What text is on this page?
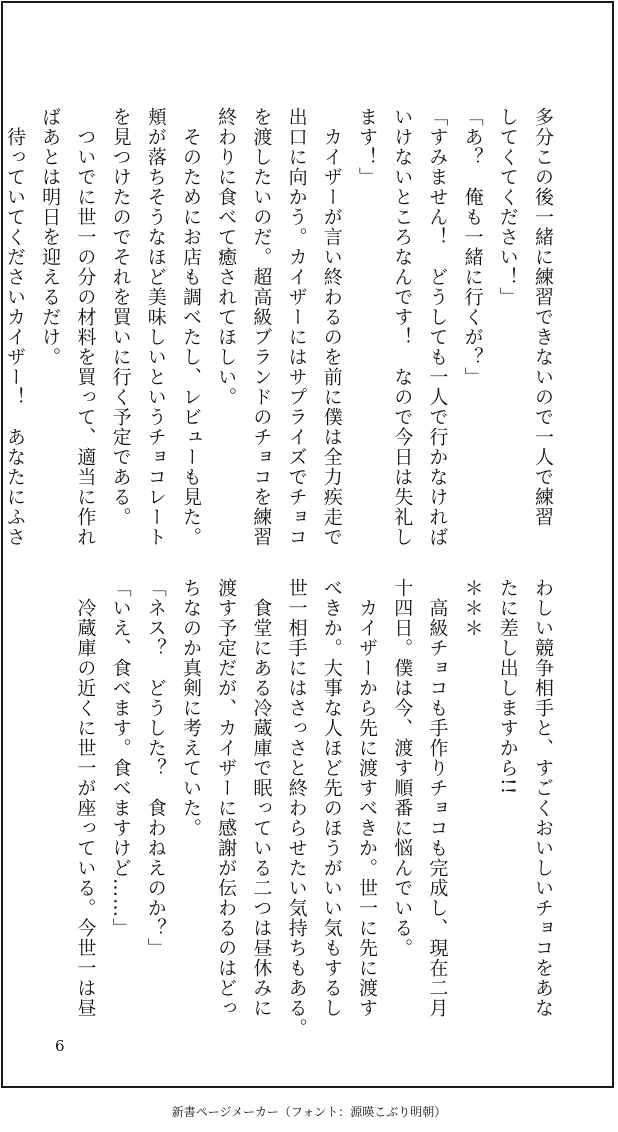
多分この後一緒に練習できないので一人で練習
してくてください！」
「あ？　俺も一緒に行くが？」
「すみません！　どうしても一人で行かなければ
いけないところなんです！　なので今日は失礼し
ます！」
　カイザーが言い終わるのを前に僕は全力疾走で
出口に向かう。カイザーにはサプライズでチョコ
を渡したいのだ。超高級ブランドのチョコを練習
終わりに食べて癒されてほしい。
　そのためにお店も調べたし、レビューも見た。
頬が落ちそうなほど美味しいというチョコレート
を見つけたのでそれを買いに行く予定である。
　ついでに世一の分の材料を買って、適当に作れ
ばあとは明日を迎えるだけ。
　待っていてくださいカイザー！　あなたにふさ
わしい競争相手と、すごくおいしいチョコをあな
たに差し出しますから!!
＊＊＊
　高級チョコも手作りチョコも完成し、現在二月
十四日。僕は今、渡す順番に悩んでいる。
　カイザーから先に渡すべきか。世一に先に渡す
べきか。大事な人ほど先のほうがいい気もするし
世一相手にはさっさと終わらせたい気持ちもある。
　食堂にある冷蔵庫で眠っている二つは昼休みに
渡す予定だが、カイザーに感謝が伝わるのはどっ
ちなのか真剣に考えていた。
「ネス？　どうした？　食わねえのか？」
「いえ、食べます。食べますけど……」
　冷蔵庫の近くに世一が座っている。今世一は昼
6
新書ページメーカー（フォント：源暎こぶり明朝）
